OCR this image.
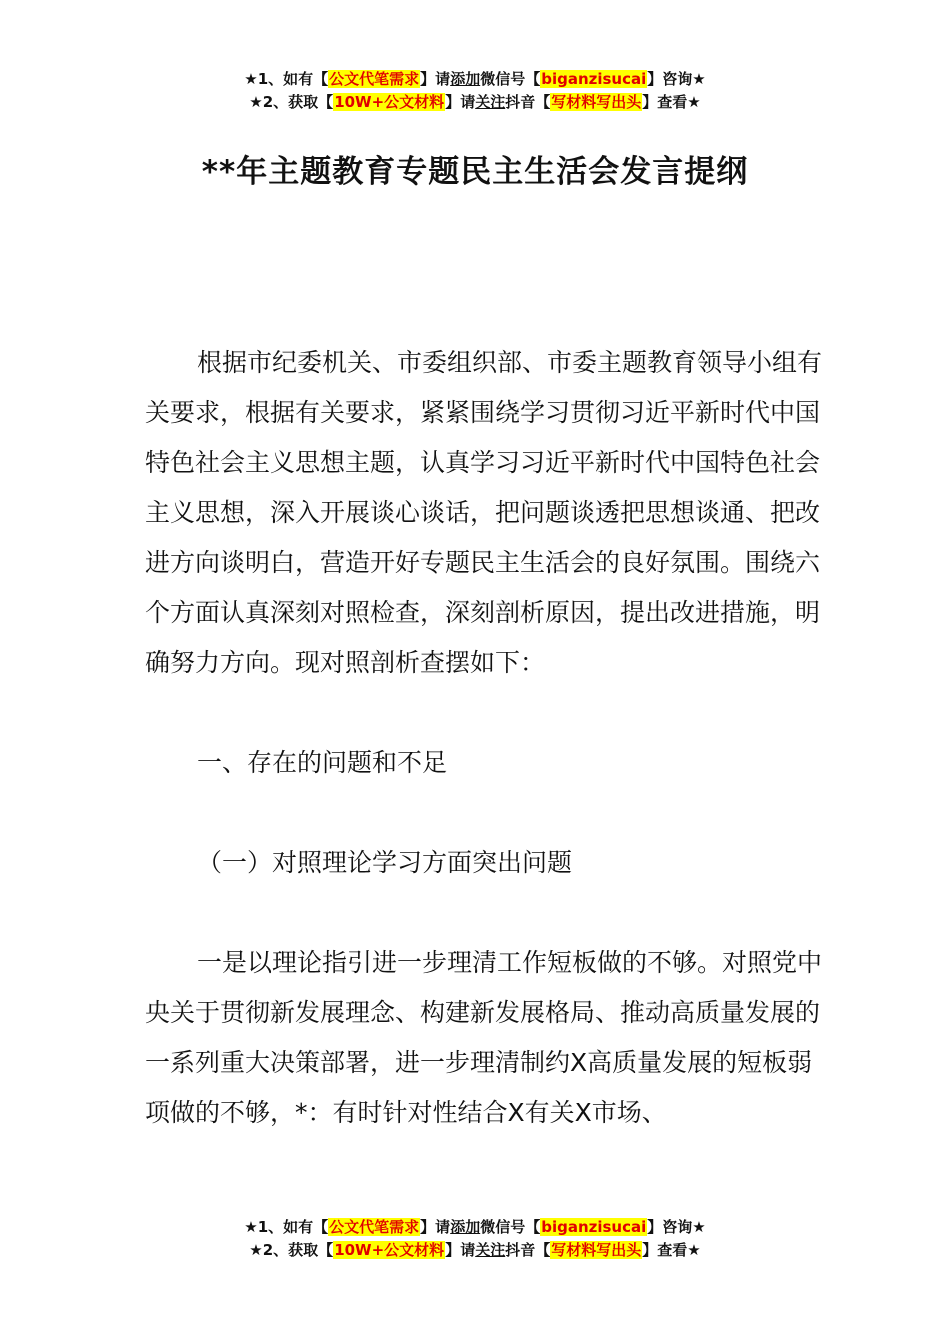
★1、如有【公文代笔需求】请添加微信号【biganzisucai】咨询★
★2、获取【10W+公文材料】请关注抖音【写材料写出头】查看★
**年主题教育专题民主生活会发言提纲

根据市纪委机关、市委组织部、市委主题教育领导小组有关要求，根据有关要求，紧紧围绕学习贯彻习近平新时代中国特色社会主义思想主题，认真学习习近平新时代中国特色社会主义思想，深入开展谈心谈话，把问题谈透把思想谈通、把改进方向谈明白，营造开好专题民主生活会的良好氛围。围绕六个方面认真深刻对照检查，深刻剖析原因，提出改进措施，明确努力方向。现对照剖析查摆如下：

一、存在的问题和不足

（一）对照理论学习方面突出问题

一是以理论指引进一步理清工作短板做的不够。对照党中央关于贯彻新发展理念、构建新发展格局、推动高质量发展的一系列重大决策部署，进一步理清制约X高质量发展的短板弱项做的不够，*：有时针对性结合X有关X市场、

★1、如有【公文代笔需求】请添加微信号【biganzisucai】咨询★
★2、获取【10W+公文材料】请关注抖音【写材料写出头】查看★
